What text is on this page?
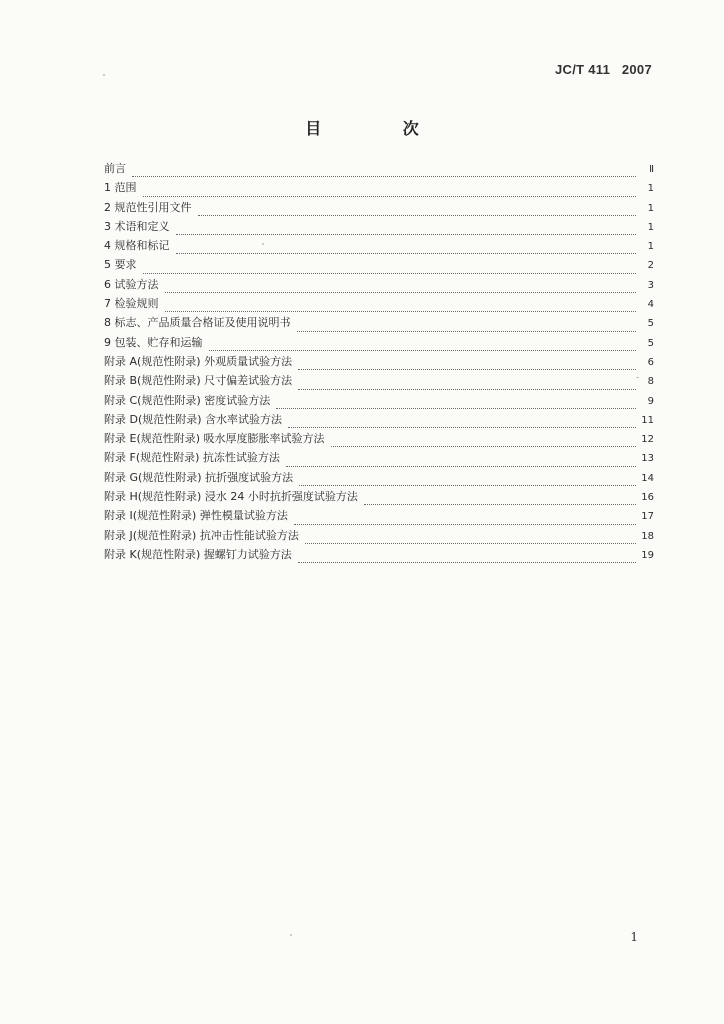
JC/T 411   2007
目 次
前言	Ⅱ
1 范围	1
2 规范性引用文件	1
3 术语和定义	1
4 规格和标记	1
5 要求	2
6 试验方法	3
7 检验规则	4
8 标志、产品质量合格证及使用说明书	5
9 包装、贮存和运输	5
附录 A(规范性附录) 外观质量试验方法	6
附录 B(规范性附录) 尺寸偏差试验方法	8
附录 C(规范性附录) 密度试验方法	9
附录 D(规范性附录) 含水率试验方法	11
附录 E(规范性附录) 吸水厚度膨胀率试验方法	12
附录 F(规范性附录) 抗冻性试验方法	13
附录 G(规范性附录) 抗折强度试验方法	14
附录 H(规范性附录) 浸水 24 小时抗折强度试验方法	16
附录 I(规范性附录) 弹性模量试验方法	17
附录 J(规范性附录) 抗冲击性能试验方法	18
附录 K(规范性附录) 握螺钉力试验方法	19
1
